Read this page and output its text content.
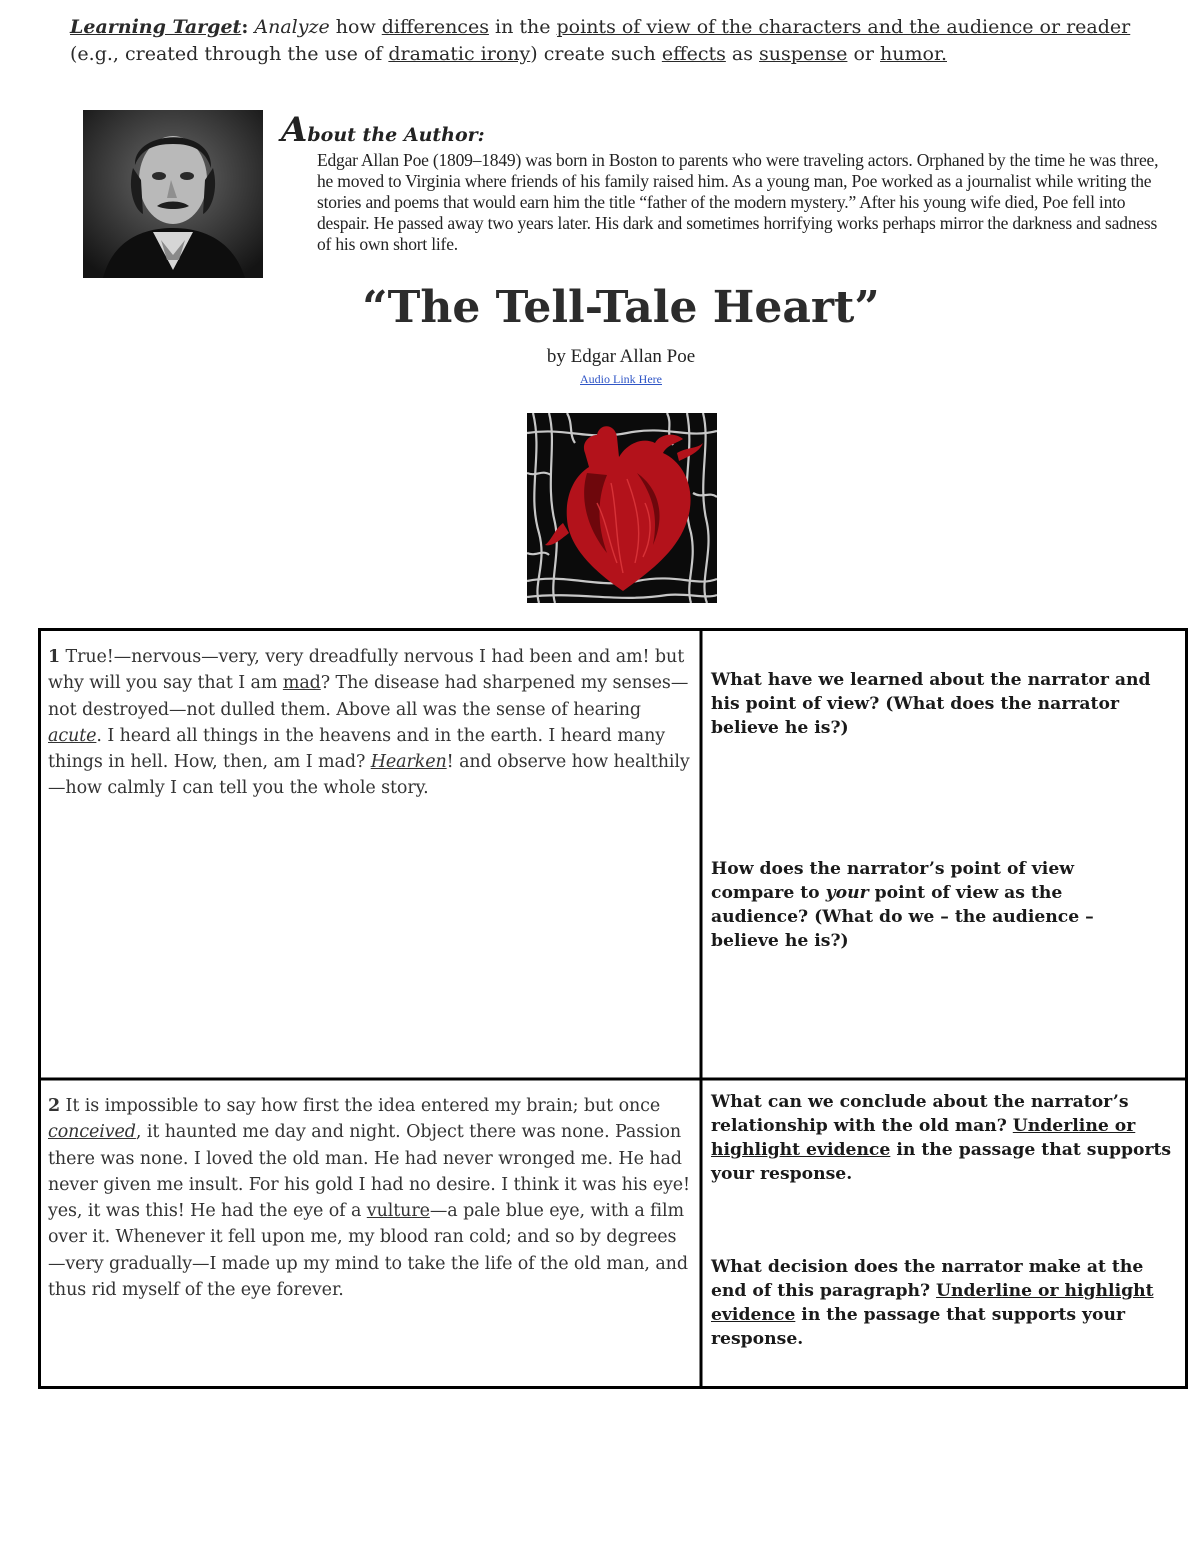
Learning Target: Analyze how differences in the points of view of the characters and the audience or reader
(e.g., created through the use of dramatic irony) create such effects as suspense or humor.
About the Author:
Edgar Allan Poe (1809–1849) was born in Boston to parents who were traveling actors. Orphaned by the time he was three, he moved to Virginia where friends of his family raised him. As a young man, Poe worked as a journalist while writing the stories and poems that would earn him the title “father of the modern mystery.” After his young wife died, Poe fell into despair. He passed away two years later. His dark and sometimes horrifying works perhaps mirror the darkness and sadness of his own short life.
“The Tell-Tale Heart”
by Edgar Allan Poe
Audio Link Here
1 True!—nervous—very, very dreadfully nervous I had been and am! but why will you say that I am mad? The disease had sharpened my senses—not destroyed—not dulled them. Above all was the sense of hearing acute. I heard all things in the heavens and in the earth. I heard many things in hell. How, then, am I mad? Hearken! and observe how healthily—how calmly I can tell you the whole story.
What have we learned about the narrator and his point of view? (What does the narrator believe he is?)
How does the narrator’s point of view compare to your point of view as the audience? (What do we – the audience – believe he is?)
2 It is impossible to say how first the idea entered my brain; but once conceived, it haunted me day and night. Object there was none. Passion there was none. I loved the old man. He had never wronged me. He had never given me insult. For his gold I had no desire. I think it was his eye! yes, it was this! He had the eye of a vulture—a pale blue eye, with a film over it. Whenever it fell upon me, my blood ran cold; and so by degrees—very gradually—I made up my mind to take the life of the old man, and thus rid myself of the eye forever.
What can we conclude about the narrator’s relationship with the old man? Underline or highlight evidence in the passage that supports your response.
What decision does the narrator make at the end of this paragraph? Underline or highlight evidence in the passage that supports your response.
